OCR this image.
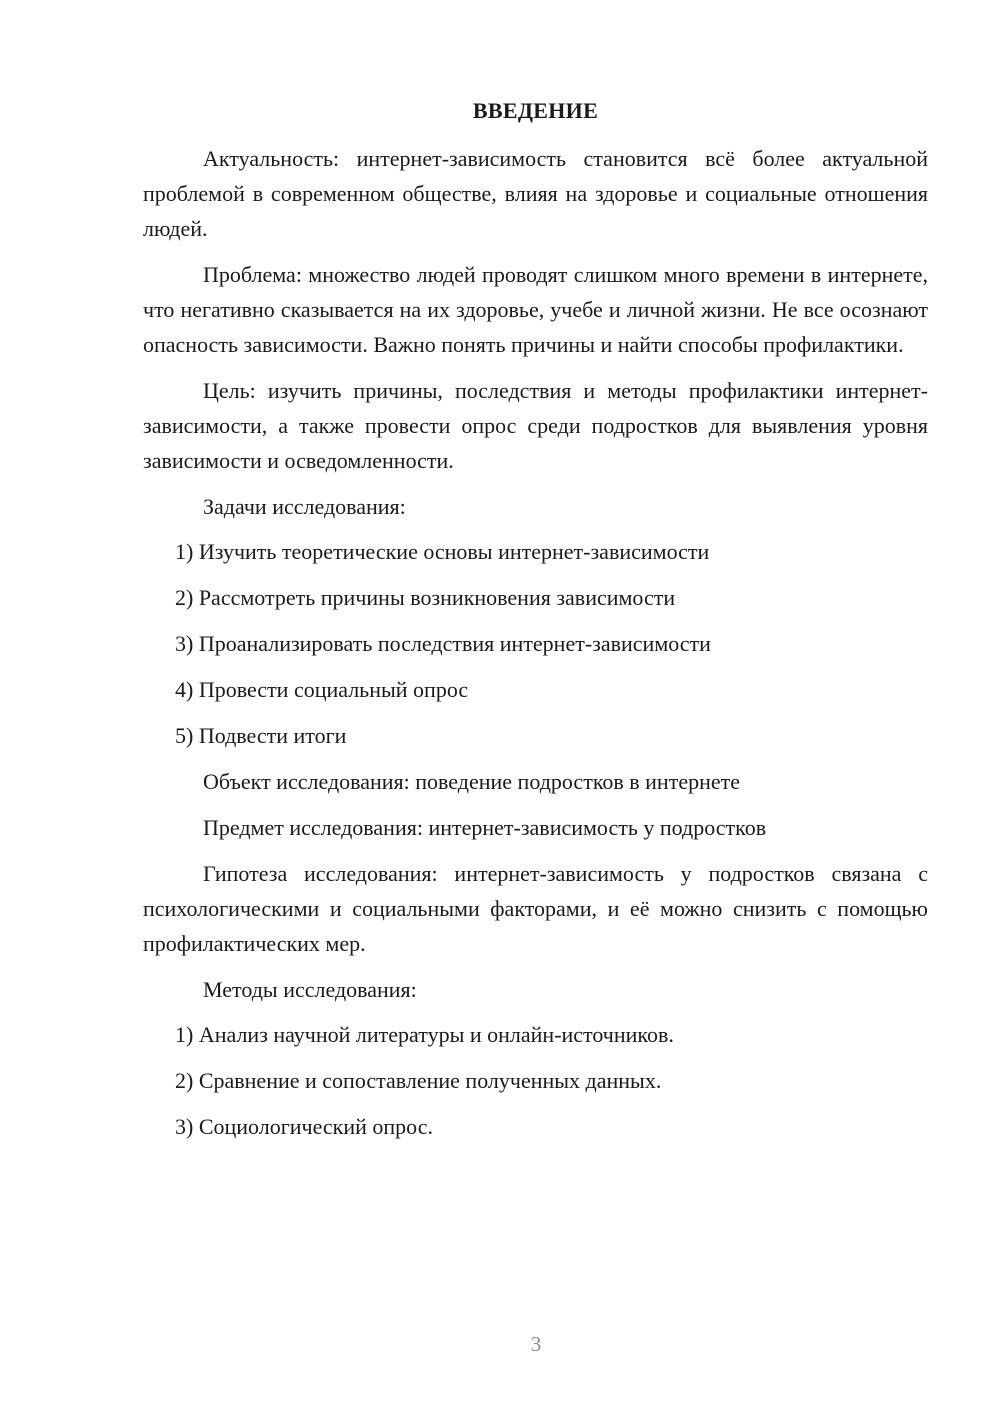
ВВЕДЕНИЕ

Актуальность: интернет-зависимость становится всё более актуальной проблемой в современном обществе, влияя на здоровье и социальные отношения людей.

Проблема: множество людей проводят слишком много времени в интернете, что негативно сказывается на их здоровье, учебе и личной жизни. Не все осознают опасность зависимости. Важно понять причины и найти способы профилактики.

Цель: изучить причины, последствия и методы профилактики интернет-зависимости, а также провести опрос среди подростков для выявления уровня зависимости и осведомленности.

Задачи исследования:

1) Изучить теоретические основы интернет-зависимости
2) Рассмотреть причины возникновения зависимости
3) Проанализировать последствия интернет-зависимости
4) Провести социальный опрос
5) Подвести итоги

Объект исследования: поведение подростков в интернете

Предмет исследования: интернет-зависимость у подростков

Гипотеза исследования: интернет-зависимость у подростков связана с психологическими и социальными факторами, и её можно снизить с помощью профилактических мер.

Методы исследования:

1) Анализ научной литературы и онлайн-источников.
2) Сравнение и сопоставление полученных данных.
3) Социологический опрос.
3
